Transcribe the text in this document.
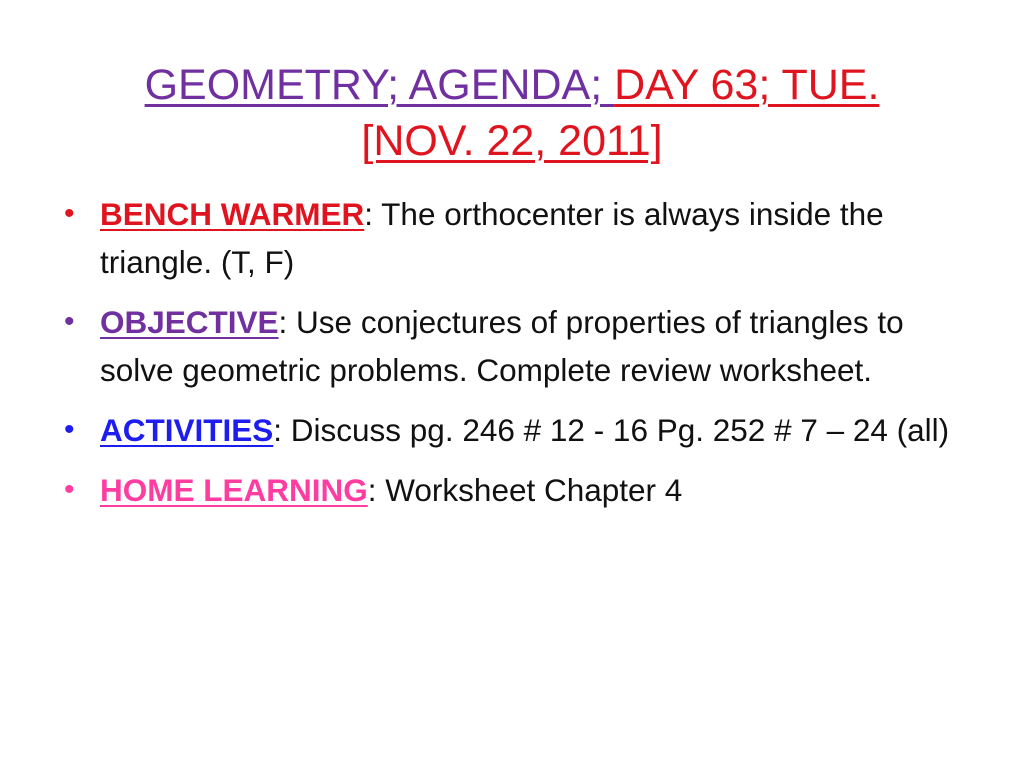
GEOMETRY; AGENDA; DAY 63; TUE.
[NOV. 22, 2011]
• BENCH WARMER: The orthocenter is always inside the triangle. (T, F)
• OBJECTIVE: Use conjectures of properties of triangles to solve geometric problems. Complete review worksheet.
• ACTIVITIES: Discuss pg. 246 # 12 - 16 Pg. 252 # 7 – 24 (all)
• HOME LEARNING: Worksheet Chapter 4
